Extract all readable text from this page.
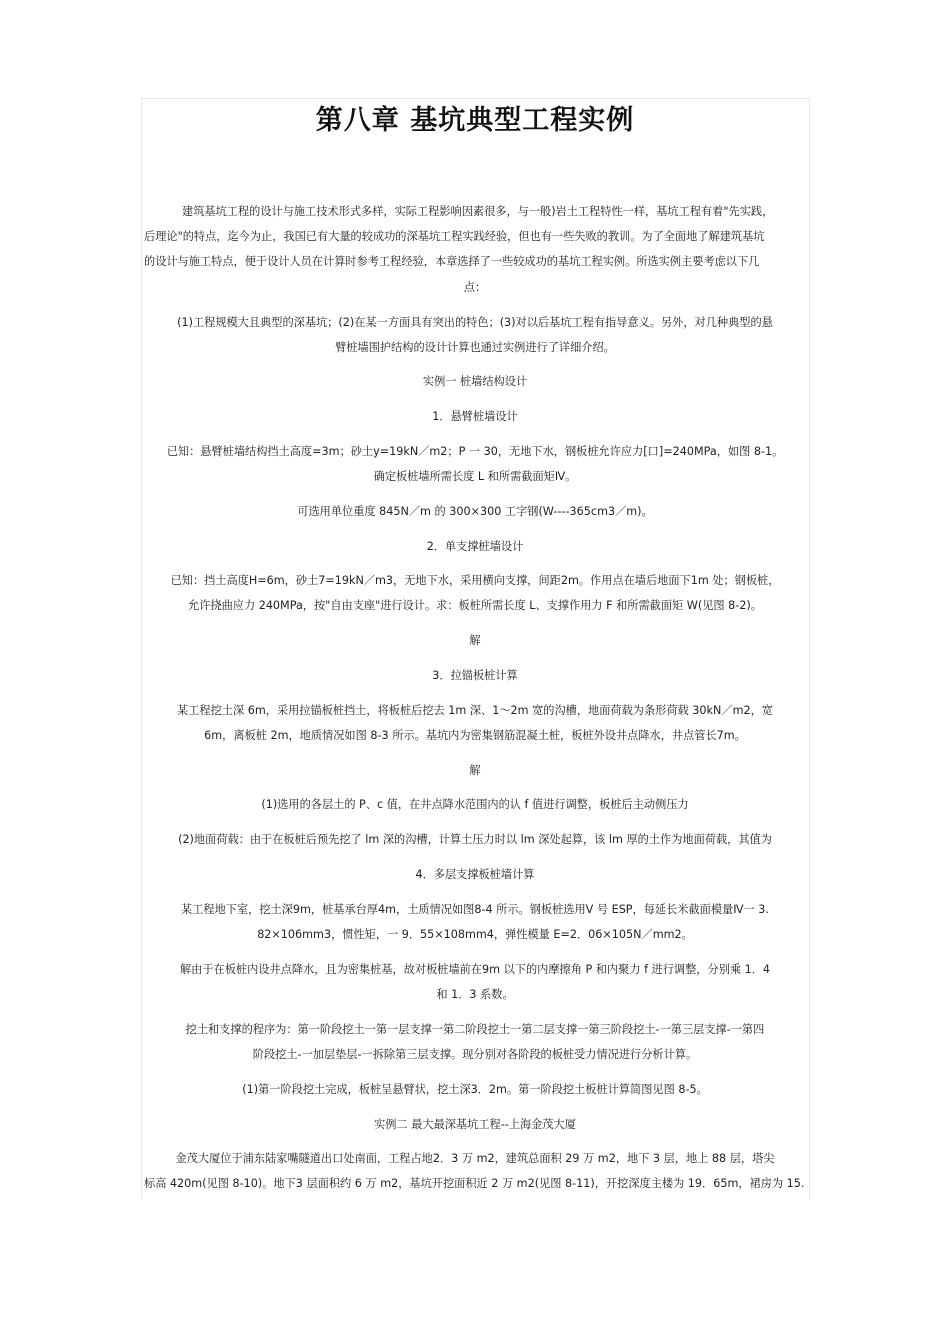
第八章 基坑典型工程实例
建筑基坑工程的设计与施工技术形式多样，实际工程影响因素很多，与一般)岩土工程特性一样，基坑工程有着"先实践，
后理论"的特点，迄今为止，我国已有大量的较成功的深基坑工程实践经验，但也有一些失败的教训。为了全面地了解建筑基坑
的设计与施工特点，便于设计人员在计算时参考工程经验，本章选择了一些较成功的基坑工程实例。所选实例主要考虑以下几
点：
(1)工程规模大且典型的深基坑；(2)在某一方面具有突出的特色；(3)对以后基坑工程有指导意义。另外，对几种典型的悬
臂桩墙围护结构的设计计算也通过实例进行了详细介绍。
实例一 桩墙结构设计
1．悬臂桩墙设计
已知：悬臂桩墙结构挡土高度=3m；砂土y=19kN／m2；P 一 30，无地下水，钢板桩允许应力[口]=240MPa，如图 8-1。
确定板桩墙所需长度 L 和所需截面矩Ⅳ。
可选用单位重度 845N／m 的 300×300 工字钢(W----365cm3／m)。
2．单支撑桩墙设计
已知：挡土高度H=6m，砂土7=19kN／m3，无地下水，采用横向支撑，间距2m。作用点在墙后地面下1m 处；钢板桩，
允许挠曲应力 240MPa，按"自由支座"进行设计。求：板桩所需长度 L、支撑作用力 F 和所需截面矩 W(见图 8-2)。
解
3．拉锚板桩计算
某工程挖土深 6m，采用拉锚板桩挡土，将板桩后挖去 1m 深、1～2m 宽的沟槽，地面荷载为条形荷载 30kN／m2，宽
6m，离板桩 2m，地质情况如图 8-3 所示。基坑内为密集钢筋混凝土桩，板桩外设井点降水，井点管长7m。
解
(1)选用的各层土的 P、c 值，在井点降水范围内的认 f 值进行调整，板桩后主动侧压力
(2)地面荷载：由于在板桩后预先挖了 lm 深的沟槽，计算土压力时以 lm 深处起算，该 lm 厚的土作为地面荷载，其值为
4．多层支撑板桩墙计算
某工程地下室，挖土深9m，桩基承台厚4m，土质情况如图8-4 所示。钢板桩选用V 号 ESP，每延长米截面模量Ⅳ一 3.
82×106mm3，惯性矩，一 9．55×108mm4，弹性模量 E=2．06×105N／mm2。
解由于在板桩内设井点降水，且为密集桩基，故对板桩墙前在9m 以下的内摩擦角 P 和内聚力 f 进行调整，分别乘 1．4
和 1．3 系数。
挖土和支撑的程序为：第一阶段挖土一第一层支撑一第二阶段挖土一第二层支撑一第三阶段挖土-一第三层支撑-一第四
阶段挖土-一加层垫层-一拆除第三层支撑。现分别对各阶段的板桩受力情况进行分析计算。
(1)第一阶段挖土完成，板桩呈悬臂状，挖土深3．2m。第一阶段挖土板桩计算简图见图 8-5。
实例二 最大最深基坑工程--上海金茂大厦
金茂大厦位于浦东陆家嘴隧道出口处南面，工程占地2．3 万 m2，建筑总面积 29 万 m2，地下 3 层，地上 88 层，塔尖
标高 420m(见图 8-10)。地下3 层面积约 6 万 m2，基坑开挖面积近 2 万 m2(见图 8-11)，开挖深度主楼为 19．65m，裙房为 15.
